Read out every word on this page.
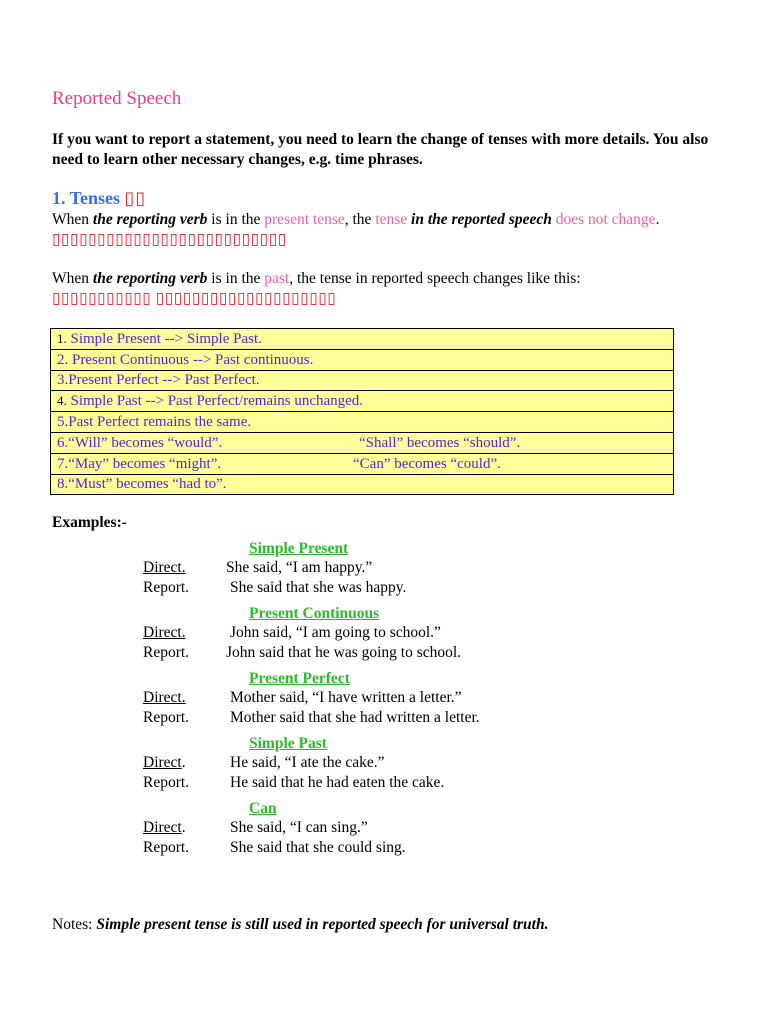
Reported Speech
If you want to report a statement, you need to learn the change of tenses with more details. You also need to learn other necessary changes, e.g. time phrases.
1. Tenses ▯▯
When the reporting verb is in the present tense, the tense in the reported speech does not change. ▯▯▯▯▯▯▯▯▯▯▯▯▯▯▯▯▯▯▯▯▯▯▯▯▯▯
When the reporting verb is in the past, the tense in reported speech changes like this:
▯▯▯▯▯▯▯▯▯▯▯ ▯▯▯▯▯▯▯▯▯▯▯▯▯▯▯▯▯▯▯▯
1. Simple Present --> Simple Past.
2. Present Continuous --> Past continuous.
3.Present Perfect --> Past Perfect.
4. Simple Past --> Past Perfect/remains unchanged.
5.Past Perfect remains the same.
6.“Will” becomes “would”.	“Shall” becomes “should”.

7.“May” becomes “might”.	“Can” becomes “could”.

8.“Must” becomes “had to”.
Examples:-
Simple Present
Direct.	She said, “I am happy.”
Report.	She said that she was happy.
Present Continuous
Direct.	John said, “I am going to school.”
Report. John said that he was going to school.
Present Perfect
Direct.	Mother said, “I have written a letter.”
Report.	Mother said that she had written a letter.
Simple Past
Direct.	He said, “I ate the cake.”
Report.	He said that he had eaten the cake.
Can
Direct.	She said, “I can sing.”
Report.	She said that she could sing.
Notes: Simple present tense is still used in reported speech for universal truth.
